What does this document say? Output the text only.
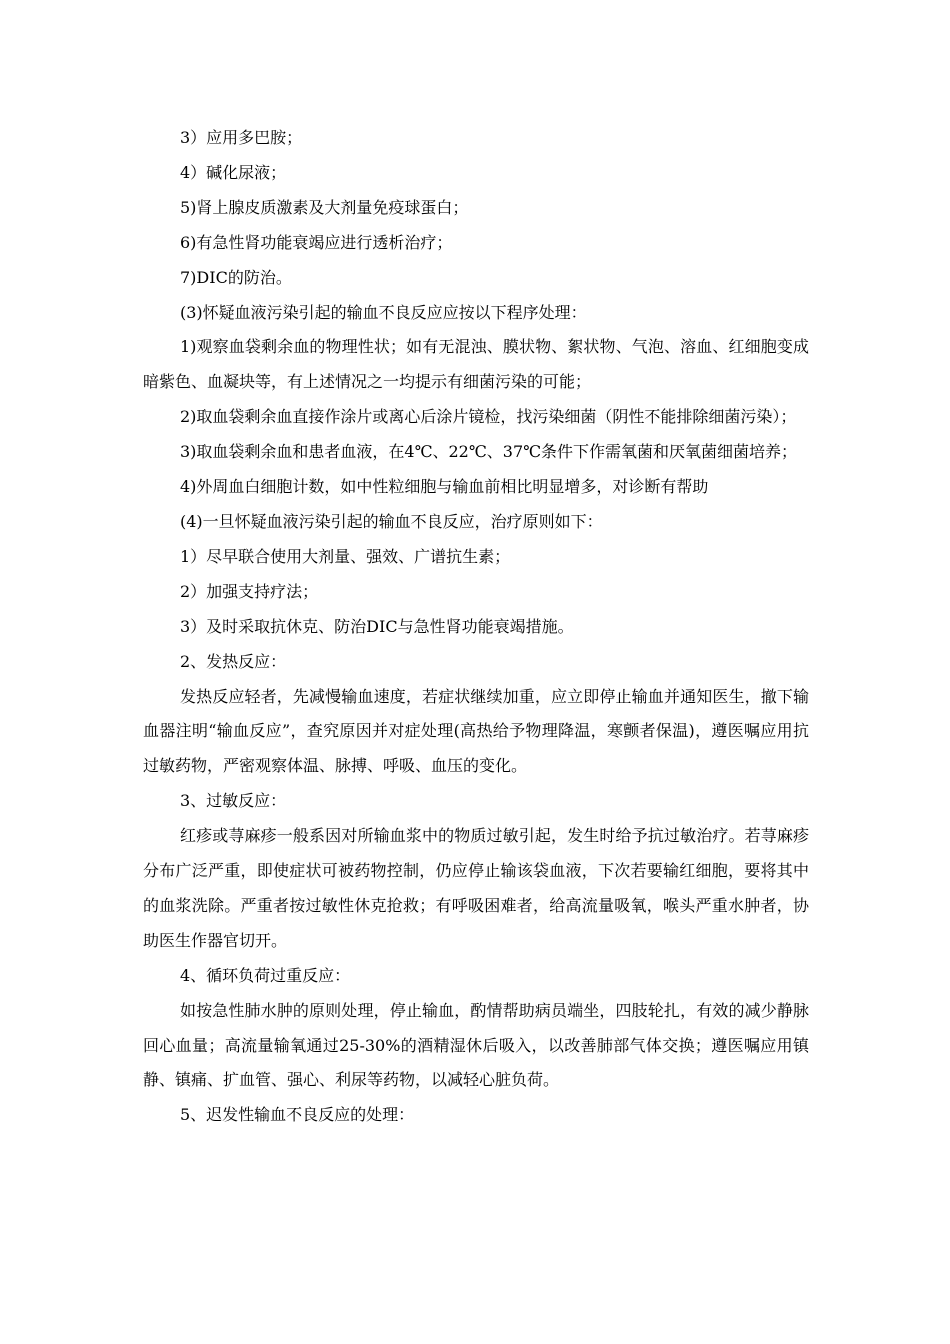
3）应用多巴胺；

4）碱化尿液；

5)肾上腺皮质激素及大剂量免疫球蛋白；

6)有急性肾功能衰竭应进行透析治疗；

7)DIC的防治。

(3)怀疑血液污染引起的输血不良反应应按以下程序处理：

1)观察血袋剩余血的物理性状；如有无混浊、膜状物、絮状物、气泡、溶血、红细胞变成暗紫色、血凝块等，有上述情况之一均提示有细菌污染的可能；

2)取血袋剩余血直接作涂片或离心后涂片镜检，找污染细菌（阴性不能排除细菌污染）；

3)取血袋剩余血和患者血液，在4℃、22℃、37℃条件下作需氧菌和厌氧菌细菌培养；

4)外周血白细胞计数，如中性粒细胞与输血前相比明显增多，对诊断有帮助

(4)一旦怀疑血液污染引起的输血不良反应，治疗原则如下：

1）尽早联合使用大剂量、强效、广谱抗生素；

2）加强支持疗法；

3）及时采取抗休克、防治DIC与急性肾功能衰竭措施。

2、发热反应：

发热反应轻者，先减慢输血速度，若症状继续加重，应立即停止输血并通知医生，撤下输血器注明“输血反应”，查究原因并对症处理(高热给予物理降温，寒颤者保温)，遵医嘱应用抗过敏药物，严密观察体温、脉搏、呼吸、血压的变化。

3、过敏反应：

红疹或荨麻疹一般系因对所输血浆中的物质过敏引起，发生时给予抗过敏治疗。若荨麻疹分布广泛严重，即使症状可被药物控制，仍应停止输该袋血液，下次若要输红细胞，要将其中的血浆洗除。严重者按过敏性休克抢救；有呼吸困难者，给高流量吸氧，喉头严重水肿者，协助医生作器官切开。

4、循环负荷过重反应：

如按急性肺水肿的原则处理，停止输血，酌情帮助病员端坐，四肢轮扎，有效的减少静脉回心血量；高流量输氧通过25-30%的酒精湿休后吸入，以改善肺部气体交换；遵医嘱应用镇静、镇痛、扩血管、强心、利尿等药物，以减轻心脏负荷。

5、迟发性输血不良反应的处理：
